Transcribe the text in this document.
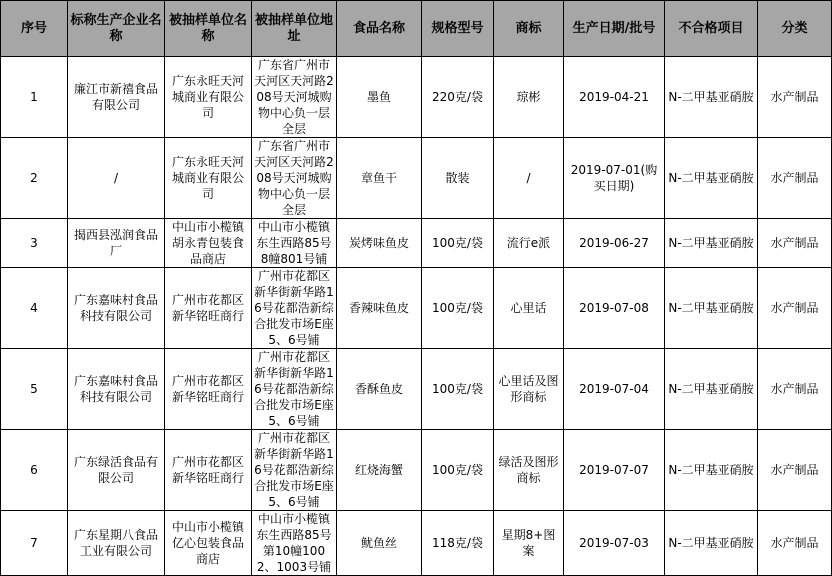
序号	标称生产企业名称	被抽样单位名称	被抽样单位地址	食品名称	规格型号	商标	生产日期/批号	不合格项目	分类
1	廉江市新禧食品有限公司	广东永旺天河城商业有限公司	广东省广州市天河区天河路208号天河城购物中心负一层全层	墨鱼	220克/袋	琼彬	2019-04-21	N-二甲基亚硝胺	水产制品
2	/	广东永旺天河城商业有限公司	广东省广州市天河区天河路208号天河城购物中心负一层全层	章鱼干	散装	/	2019-07-01(购买日期)	N-二甲基亚硝胺	水产制品
3	揭西县泓润食品厂	中山市小榄镇胡永青包装食品商店	中山市小榄镇东生西路85号8幢801号铺	炭烤味鱼皮	100克/袋	流行e派	2019-06-27	N-二甲基亚硝胺	水产制品
4	广东嘉味村食品科技有限公司	广州市花都区新华铭旺商行	广州市花都区新华街新华路16号花都浩新综合批发市场E座5、6号铺	香辣味鱼皮	100克/袋	心里话	2019-07-08	N-二甲基亚硝胺	水产制品
5	广东嘉味村食品科技有限公司	广州市花都区新华铭旺商行	广州市花都区新华街新华路16号花都浩新综合批发市场E座5、6号铺	香酥鱼皮	100克/袋	心里话及图形商标	2019-07-04	N-二甲基亚硝胺	水产制品
6	广东绿活食品有限公司	广州市花都区新华铭旺商行	广州市花都区新华街新华路16号花都浩新综合批发市场E座5、6号铺	红烧海蟹	100克/袋	绿活及图形商标	2019-07-07	N-二甲基亚硝胺	水产制品
7	广东星期八食品工业有限公司	中山市小榄镇亿心包装食品商店	中山市小榄镇东生西路85号第10幢1002、1003号铺	鱿鱼丝	118克/袋	星期8+图案	2019-07-03	N-二甲基亚硝胺	水产制品
